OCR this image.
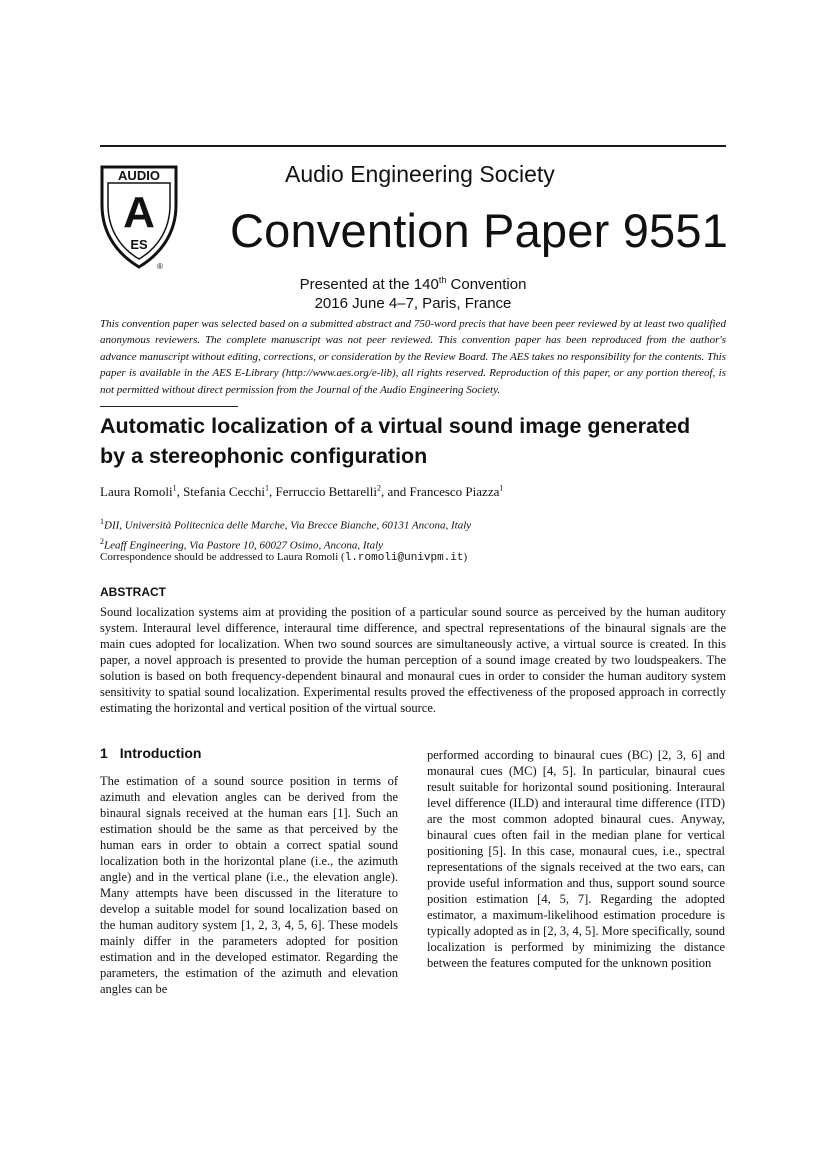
AUDIO
A
ES
®
Audio Engineering Society
Convention Paper 9551
Presented at the 140th Convention
2016 June 4–7, Paris, France
This convention paper was selected based on a submitted abstract and 750-word precis that have been peer reviewed by at least two qualified anonymous reviewers. The complete manuscript was not peer reviewed. This convention paper has been reproduced from the author's advance manuscript without editing, corrections, or consideration by the Review Board. The AES takes no responsibility for the contents. This paper is available in the AES E-Library (http://www.aes.org/e-lib), all rights reserved. Reproduction of this paper, or any portion thereof, is not permitted without direct permission from the Journal of the Audio Engineering Society.
Automatic localization of a virtual sound image generated
by a stereophonic configuration
Laura Romoli$^1$, Stefania Cecchi$^1$, Ferruccio Bettarelli$^2$, and Francesco Piazza$^1$
$^1$DII, Università Politecnica delle Marche, Via Brecce Bianche, 60131 Ancona, Italy
$^2$Leaff Engineering, Via Pastore 10, 60027 Osimo, Ancona, Italy
Correspondence should be addressed to Laura Romoli (l.romoli@univpm.it)
ABSTRACT
Sound localization systems aim at providing the position of a particular sound source as perceived by the human auditory system. Interaural level difference, interaural time difference, and spectral representations of the binaural signals are the main cues adopted for localization. When two sound sources are simultaneously active, a virtual source is created. In this paper, a novel approach is presented to provide the human perception of a sound image created by two loudspeakers. The solution is based on both frequency-dependent binaural and monaural cues in order to consider the human auditory system sensitivity to spatial sound localization. Experimental results proved the effectiveness of the proposed approach in correctly estimating the horizontal and vertical position of the virtual source.
1 Introduction
The estimation of a sound source position in terms of azimuth and elevation angles can be derived from the binaural signals received at the human ears [1]. Such an estimation should be the same as that perceived by the human ears in order to obtain a correct spatial sound localization both in the horizontal plane (i.e., the azimuth angle) and in the vertical plane (i.e., the elevation angle). Many attempts have been discussed in the literature to develop a suitable model for sound localization based on the human auditory system [1, 2, 3, 4, 5, 6]. These models mainly differ in the parameters adopted for position estimation and in the developed estimator. Regarding the parameters, the estimation of the azimuth and elevation angles can be
performed according to binaural cues (BC) [2, 3, 6] and monaural cues (MC) [4, 5]. In particular, binaural cues result suitable for horizontal sound positioning. Interaural level difference (ILD) and interaural time difference (ITD) are the most common adopted binaural cues. Anyway, binaural cues often fail in the median plane for vertical positioning [5]. In this case, monaural cues, i.e., spectral representations of the signals received at the two ears, can provide useful information and thus, support sound source position estimation [4, 5, 7]. Regarding the adopted estimator, a maximum-likelihood estimation procedure is typically adopted as in [2, 3, 4, 5]. More specifically, sound localization is performed by minimizing the distance between the features computed for the unknown position
